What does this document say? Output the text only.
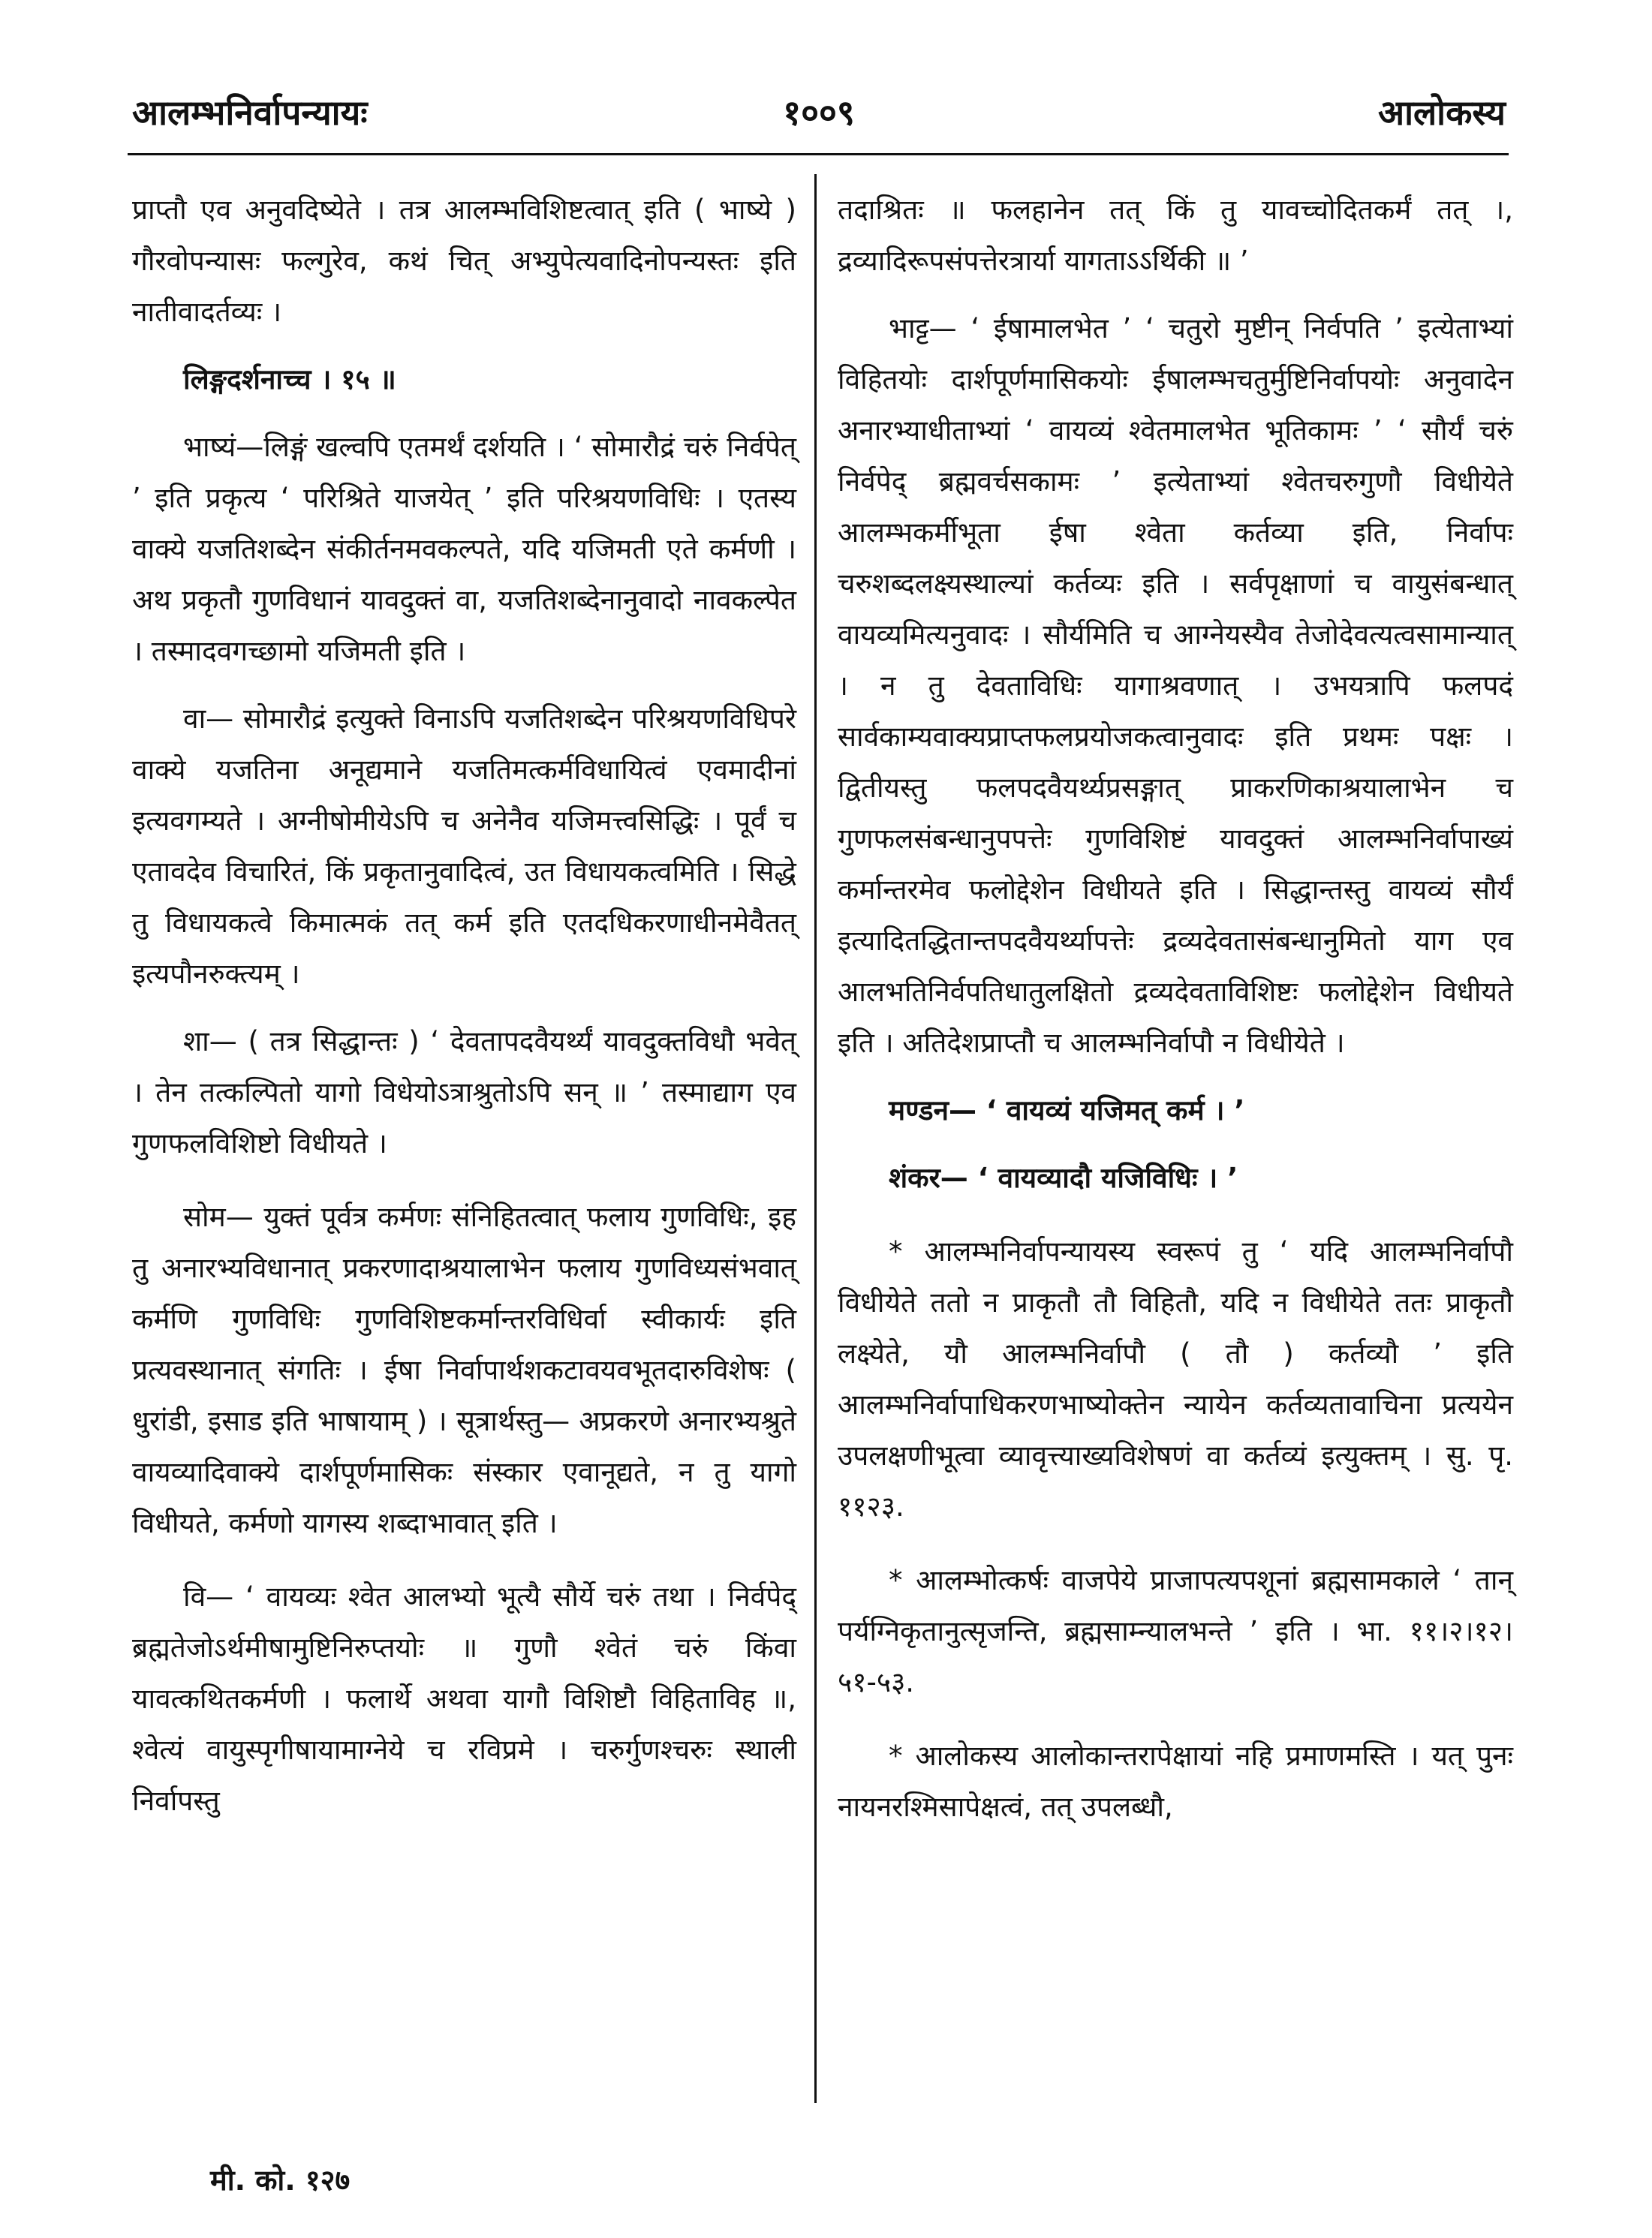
१००९
आलम्भनिर्वापन्यायः	आलोकस्य

प्राप्तौ एव अनुवदिष्येते । तत्र आलम्भविशिष्टत्वात् इति ( भाष्ये ) गौरवोपन्यासः फल्गुरेव, कथं चित् अभ्युपेत्यवादिनोपन्यस्तः इति नातीवादर्तव्यः ।

लिङ्गदर्शनाच्च । १५ ॥

भाष्यं—लिङ्गं खल्वपि एतमर्थं दर्शयति । ‘ सोमारौद्रं चरुं निर्वपेत् ’ इति प्रकृत्य ‘ परिश्रिते याजयेत् ’ इति परिश्रयणविधिः । एतस्य वाक्ये यजतिशब्देन संकीर्तनमवकल्पते, यदि यजिमती एते कर्मणी । अथ प्रकृतौ गुणविधानं यावदुक्तं वा, यजतिशब्देनानुवादो नावकल्पेत । तस्मादवगच्छामो यजिमती इति ।

वा— सोमारौद्रं इत्युक्ते विनाऽपि यजतिशब्देन परिश्रयणविधिपरे वाक्ये यजतिना अनूद्यमाने यजतिमत्कर्मविधायित्वं एवमादीनां इत्यवगम्यते । अग्नीषोमीयेऽपि च अनेनैव यजिमत्त्वसिद्धिः । पूर्वं च एतावदेव विचारितं, किं प्रकृतानुवादित्वं, उत विधायकत्वमिति । सिद्धे तु विधायकत्वे किमात्मकं तत् कर्म इति एतदधिकरणाधीनमेवैतत् इत्यपौनरुक्त्यम् ।

शा— ( तत्र सिद्धान्तः ) ‘ देवतापदवैयर्थ्यं यावदुक्तविधौ भवेत् । तेन तत्कल्पितो यागो विधेयोऽत्राश्रुतोऽपि सन् ॥ ’ तस्माद्याग एव गुणफलविशिष्टो विधीयते ।

सोम— युक्तं पूर्वत्र कर्मणः संनिहितत्वात् फलाय गुणविधिः, इह तु अनारभ्यविधानात् प्रकरणादाश्रयालाभेन फलाय गुणविध्यसंभवात् कर्मणि गुणविधिः गुणविशिष्टकर्मान्तरविधिर्वा स्वीकार्यः इति प्रत्यवस्थानात् संगतिः । ईषा निर्वापार्थशकटावयवभूतदारुविशेषः ( धुरांडी, इसाड इति भाषायाम् ) । सूत्रार्थस्तु— अप्रकरणे अनारभ्यश्रुते वायव्यादिवाक्ये दार्शपूर्णमासिकः संस्कार एवानूद्यते, न तु यागो विधीयते, कर्मणो यागस्य शब्दाभावात् इति ।

वि— ‘ वायव्यः श्वेत आलभ्यो भूत्यै सौर्ये चरुं तथा । निर्वपेद् ब्रह्मतेजोऽर्थमीषामुष्टिनिरुप्तयोः ॥ गुणौ श्वेतं चरुं किंवा यावत्कथितकर्मणी । फलार्थे अथवा यागौ विशिष्टौ विहिताविह ॥, श्वेत्यं वायुस्पृगीषायामाग्नेये च रविप्रमे । चरुर्गुणश्चरुः स्थाली निर्वापस्तु

तदाश्रितः ॥ फलहानेन तत् किं तु यावच्चोदितकर्मं तत् ।, द्रव्यादिरूपसंपत्तेरत्रार्या यागताऽऽर्थिकी ॥ ’

भाट्ट— ‘ ईषामालभेत ’ ‘ चतुरो मुष्टीन् निर्वपति ’ इत्येताभ्यां विहितयोः दार्शपूर्णमासिकयोः ईषालम्भचतुर्मुष्टिनिर्वापयोः अनुवादेन अनारभ्याधीताभ्यां ‘ वायव्यं श्वेतमालभेत भूतिकामः ’ ‘ सौर्यं चरुं निर्वपेद् ब्रह्मवर्चसकामः ’ इत्येताभ्यां श्वेतचरुगुणौ विधीयेते आलम्भकर्मीभूता ईषा श्वेता कर्तव्या इति, निर्वापः चरुशब्दलक्ष्यस्थाल्यां कर्तव्यः इति । सर्वपृक्षाणां च वायुसंबन्धात् वायव्यमित्यनुवादः । सौर्यमिति च आग्नेयस्यैव तेजोदेवत्यत्वसामान्यात् । न तु देवताविधिः यागाश्रवणात् । उभयत्रापि फलपदं सार्वकाम्यवाक्यप्राप्तफलप्रयोजकत्वानुवादः इति प्रथमः पक्षः । द्वितीयस्तु फलपदवैयर्थ्यप्रसङ्गात् प्राकरणिकाश्रयालाभेन च गुणफलसंबन्धानुपपत्तेः गुणविशिष्टं यावदुक्तं आलम्भनिर्वापाख्यं कर्मान्तरमेव फलोद्देशेन विधीयते इति । सिद्धान्तस्तु वायव्यं सौर्यं इत्यादितद्धितान्तपदवैयर्थ्यापत्तेः द्रव्यदेवतासंबन्धानुमितो याग एव आलभतिनिर्वपतिधातुलक्षितो द्रव्यदेवताविशिष्टः फलोद्देशेन विधीयते इति । अतिदेशप्राप्तौ च आलम्भनिर्वापौ न विधीयेते ।

मण्डन— ‘ वायव्यं यजिमत् कर्म । ’

शंकर— ‘ वायव्यादौ यजिविधिः । ’

* आलम्भनिर्वापन्यायस्य स्वरूपं तु ‘ यदि आलम्भनिर्वापौ विधीयेते ततो न प्राकृतौ तौ विहितौ, यदि न विधीयेते ततः प्राकृतौ लक्ष्येते, यौ आलम्भनिर्वापौ ( तौ ) कर्तव्यौ ’ इति आलम्भनिर्वापाधिकरणभाष्योक्तेन न्यायेन कर्तव्यतावाचिना प्रत्ययेन उपलक्षणीभूत्वा व्यावृत्त्याख्यविशेषणं वा कर्तव्यं इत्युक्तम् । सु. पृ. ११२३.

* आलम्भोत्कर्षः वाजपेये प्राजापत्यपशूनां ब्रह्मसामकाले ‘ तान् पर्यग्निकृतानुत्सृजन्ति, ब्रह्मसाम्न्यालभन्ते ’ इति । भा. ११।२।१२।५१-५३.

* आलोकस्य आलोकान्तरापेक्षायां नहि प्रमाणमस्ति । यत् पुनः नायनरश्मिसापेक्षत्वं, तत् उपलब्धौ,

मी. को. १२७
